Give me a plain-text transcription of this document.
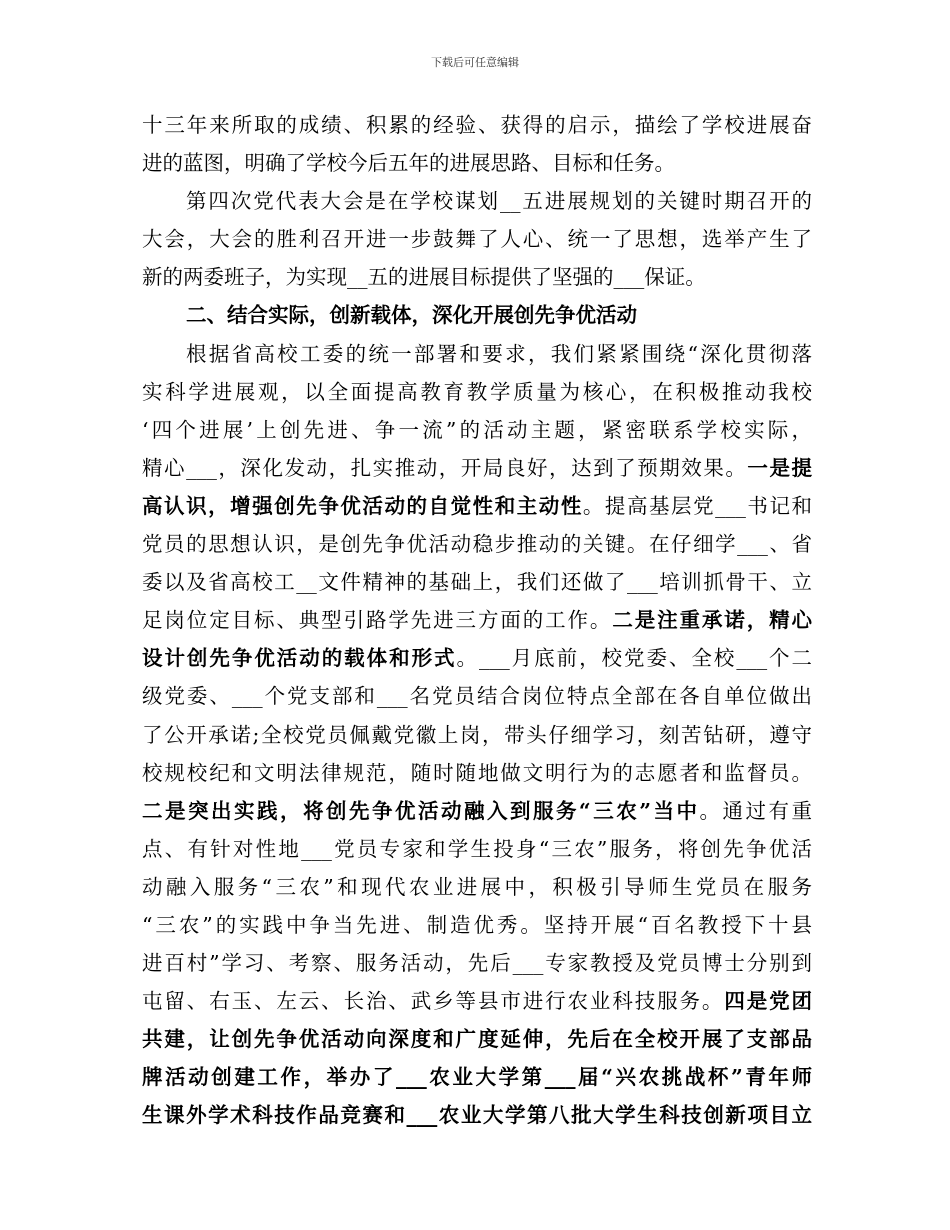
下载后可任意编辑
十三年来所取的成绩、积累的经验、获得的启示，描绘了学校进展奋
进的蓝图，明确了学校今后五年的进展思路、目标和任务。
第四次党代表大会是在学校谋划__五进展规划的关键时期召开的
大会，大会的胜利召开进一步鼓舞了人心、统一了思想，选举产生了
新的两委班子，为实现__五的进展目标提供了坚强的___保证。
二、结合实际，创新载体，深化开展创先争优活动
根据省高校工委的统一部署和要求，我们紧紧围绕“深化贯彻落
实科学进展观，以全面提高教育教学质量为核心，在积极推动我校
‘四个进展’上创先进、争一流”的活动主题，紧密联系学校实际，
精心___，深化发动，扎实推动，开局良好，达到了预期效果。一是提
高认识，增强创先争优活动的自觉性和主动性。提高基层党___书记和
党员的思想认识，是创先争优活动稳步推动的关键。在仔细学___、省
委以及省高校工__文件精神的基础上，我们还做了___培训抓骨干、立
足岗位定目标、典型引路学先进三方面的工作。二是注重承诺，精心
设计创先争优活动的载体和形式。___月底前，校党委、全校___个二
级党委、___个党支部和___名党员结合岗位特点全部在各自单位做出
了公开承诺;全校党员佩戴党徽上岗，带头仔细学习，刻苦钻研，遵守
校规校纪和文明法律规范，随时随地做文明行为的志愿者和监督员。
二是突出实践，将创先争优活动融入到服务“三农”当中。通过有重
点、有针对性地___党员专家和学生投身“三农”服务，将创先争优活
动融入服务“三农”和现代农业进展中，积极引导师生党员在服务
“三农”的实践中争当先进、制造优秀。坚持开展“百名教授下十县
进百村”学习、考察、服务活动，先后___专家教授及党员博士分别到
屯留、右玉、左云、长治、武乡等县市进行农业科技服务。四是党团
共建，让创先争优活动向深度和广度延伸，先后在全校开展了支部品
牌活动创建工作，举办了___农业大学第___届“兴农挑战杯”青年师
生课外学术科技作品竞赛和___农业大学第八批大学生科技创新项目立
